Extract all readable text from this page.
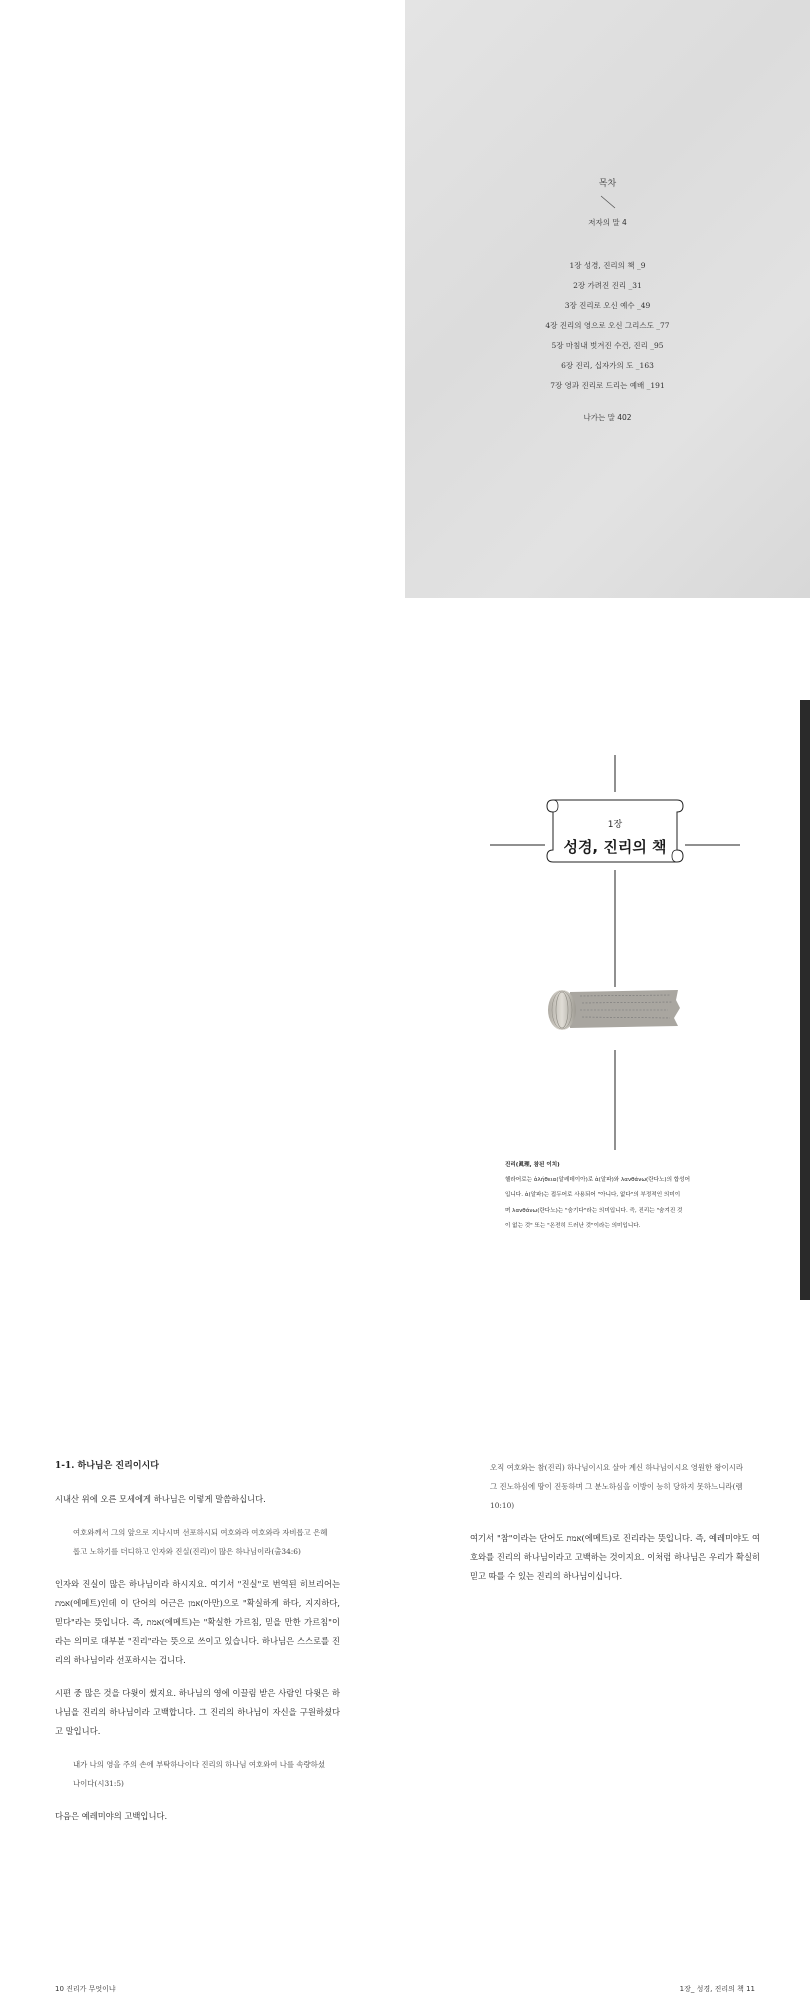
목차
저자의 말 4
1장 성경, 진리의 책 _9
2장 가려진 진리 _31
3장 진리로 오신 예수 _49
4장 진리의 영으로 오신 그리스도 _77
5장 마침내 벗겨진 수건, 진리 _95
6장 진리, 십자가의 도 _163
7장 영과 진리로 드리는 예배 _191
나가는 말 402
1장
성경, 진리의 책

진리(眞理, 참된 이치)

헬라어로는 ἀλήθεια(알레데이아)로 ἀ(알파)와 λανθάνω(란다노)의 합성어

입니다. ἀ(알파)는 접두어로 사용되어 "아니다, 없다"의 부정적인 의미이

며 λανθάνω(란다노)는 "숨기다"라는 의미입니다. 즉, 진리는 "숨겨진 것

이 없는 것" 또는 "온전히 드러난 것"이라는 의미입니다.

1-1. 하나님은 진리이시다

시내산 위에 오른 모세에게 하나님은 이렇게 말씀하십니다.

여호와께서 그의 앞으로 지나시며 선포하시되 여호와라 여호와라 자비롭고 은혜롭고 노하기를 더디하고 인자와 진실(진리)이 많은 하나님이라(출34:6)

인자와 진실이 많은 하나님이라 하시지요. 여기서 "진실"로 번역된 히브리어는 אמת(에메트)인데 이 단어의 어근은 אמן(아만)으로 "확실하게 하다, 지지하다, 믿다"라는 뜻입니다. 즉, אמת(에메트)는 "확실한 가르침, 믿을 만한 가르침"이라는 의미로 대부분 "진리"라는 뜻으로 쓰이고 있습니다. 하나님은 스스로를 진리의 하나님이라 선포하시는 겁니다.

시편 중 많은 것을 다윗이 썼지요. 하나님의 영에 이끌림 받은 사람인 다윗은 하나님을 진리의 하나님이라 고백합니다. 그 진리의 하나님이 자신을 구원하셨다고 말입니다.

내가 나의 영을 주의 손에 부탁하나이다 진리의 하나님 여호와여 나를 속량하셨나이다(시31:5)

다음은 예레미야의 고백입니다.

오직 여호와는 참(진리) 하나님이시요 살아 계신 하나님이시요 영원한 왕이시라 그 진노하심에 땅이 진동하며 그 분노하심을 이방이 능히 당하지 못하느니라(렘10:10)

여기서 "참"이라는 단어도 אמת(에메트)로 진리라는 뜻입니다. 즉, 예레미야도 여호와를 진리의 하나님이라고 고백하는 것이지요. 이처럼 하나님은 우리가 확실히 믿고 따를 수 있는 진리의 하나님이십니다.

10 진리가 무엇이냐	1장_ 성경, 진리의 책 11
